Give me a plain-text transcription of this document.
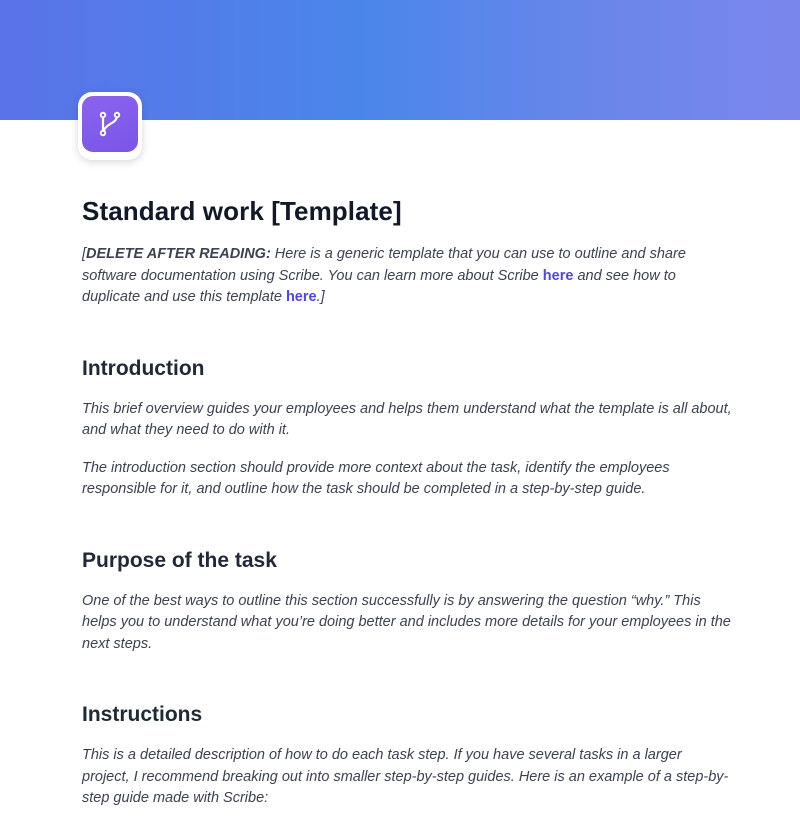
Standard work [Template]

[DELETE AFTER READING: Here is a generic template that you can use to outline and share software documentation using Scribe. You can learn more about Scribe here and see how to duplicate and use this template here.]

Introduction

This brief overview guides your employees and helps them understand what the template is all about, and what they need to do with it.

The introduction section should provide more context about the task, identify the employees responsible for it, and outline how the task should be completed in a step-by-step guide.

Purpose of the task

One of the best ways to outline this section successfully is by answering the question “why.” This helps you to understand what you’re doing better and includes more details for your employees in the next steps.

Instructions

This is a detailed description of how to do each task step. If you have several tasks in a larger project, I recommend breaking out into smaller step-by-step guides. Here is an example of a step-by-step guide made with Scribe:
